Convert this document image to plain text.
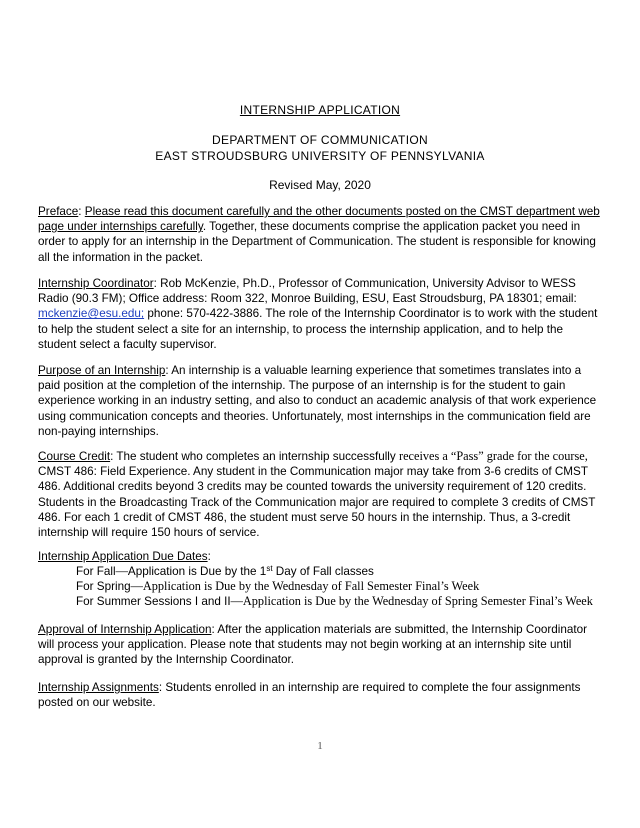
INTERNSHIP APPLICATION
DEPARTMENT OF COMMUNICATION
EAST STROUDSBURG UNIVERSITY OF PENNSYLVANIA
Revised May, 2020

Preface: Please read this document carefully and the other documents posted on the CMST department web page under internships carefully. Together, these documents comprise the application packet you need in order to apply for an internship in the Department of Communication. The student is responsible for knowing all the information in the packet.

Internship Coordinator: Rob McKenzie, Ph.D., Professor of Communication, University Advisor to WESS Radio (90.3 FM); Office address: Room 322, Monroe Building, ESU, East Stroudsburg, PA 18301; email: mckenzie@esu.edu; phone: 570-422-3886. The role of the Internship Coordinator is to work with the student to help the student select a site for an internship, to process the internship application, and to help the student select a faculty supervisor.

Purpose of an Internship: An internship is a valuable learning experience that sometimes translates into a paid position at the completion of the internship. The purpose of an internship is for the student to gain experience working in an industry setting, and also to conduct an academic analysis of that work experience using communication concepts and theories. Unfortunately, most internships in the communication field are non-paying internships.

Course Credit: The student who completes an internship successfully receives a “Pass” grade for the course, CMST 486: Field Experience. Any student in the Communication major may take from 3-6 credits of CMST 486. Additional credits beyond 3 credits may be counted towards the university requirement of 120 credits. Students in the Broadcasting Track of the Communication major are required to complete 3 credits of CMST 486. For each 1 credit of CMST 486, the student must serve 50 hours in the internship. Thus, a 3-credit internship will require 150 hours of service.

Internship Application Due Dates:

For Fall—Application is Due by the 1st Day of Fall classes
For Spring—Application is Due by the Wednesday of Fall Semester Final’s Week
For Summer Sessions I and II—Application is Due by the Wednesday of Spring Semester Final’s Week

Approval of Internship Application: After the application materials are submitted, the Internship Coordinator will process your application. Please note that students may not begin working at an internship site until approval is granted by the Internship Coordinator.

Internship Assignments: Students enrolled in an internship are required to complete the four assignments posted on our website.

1
